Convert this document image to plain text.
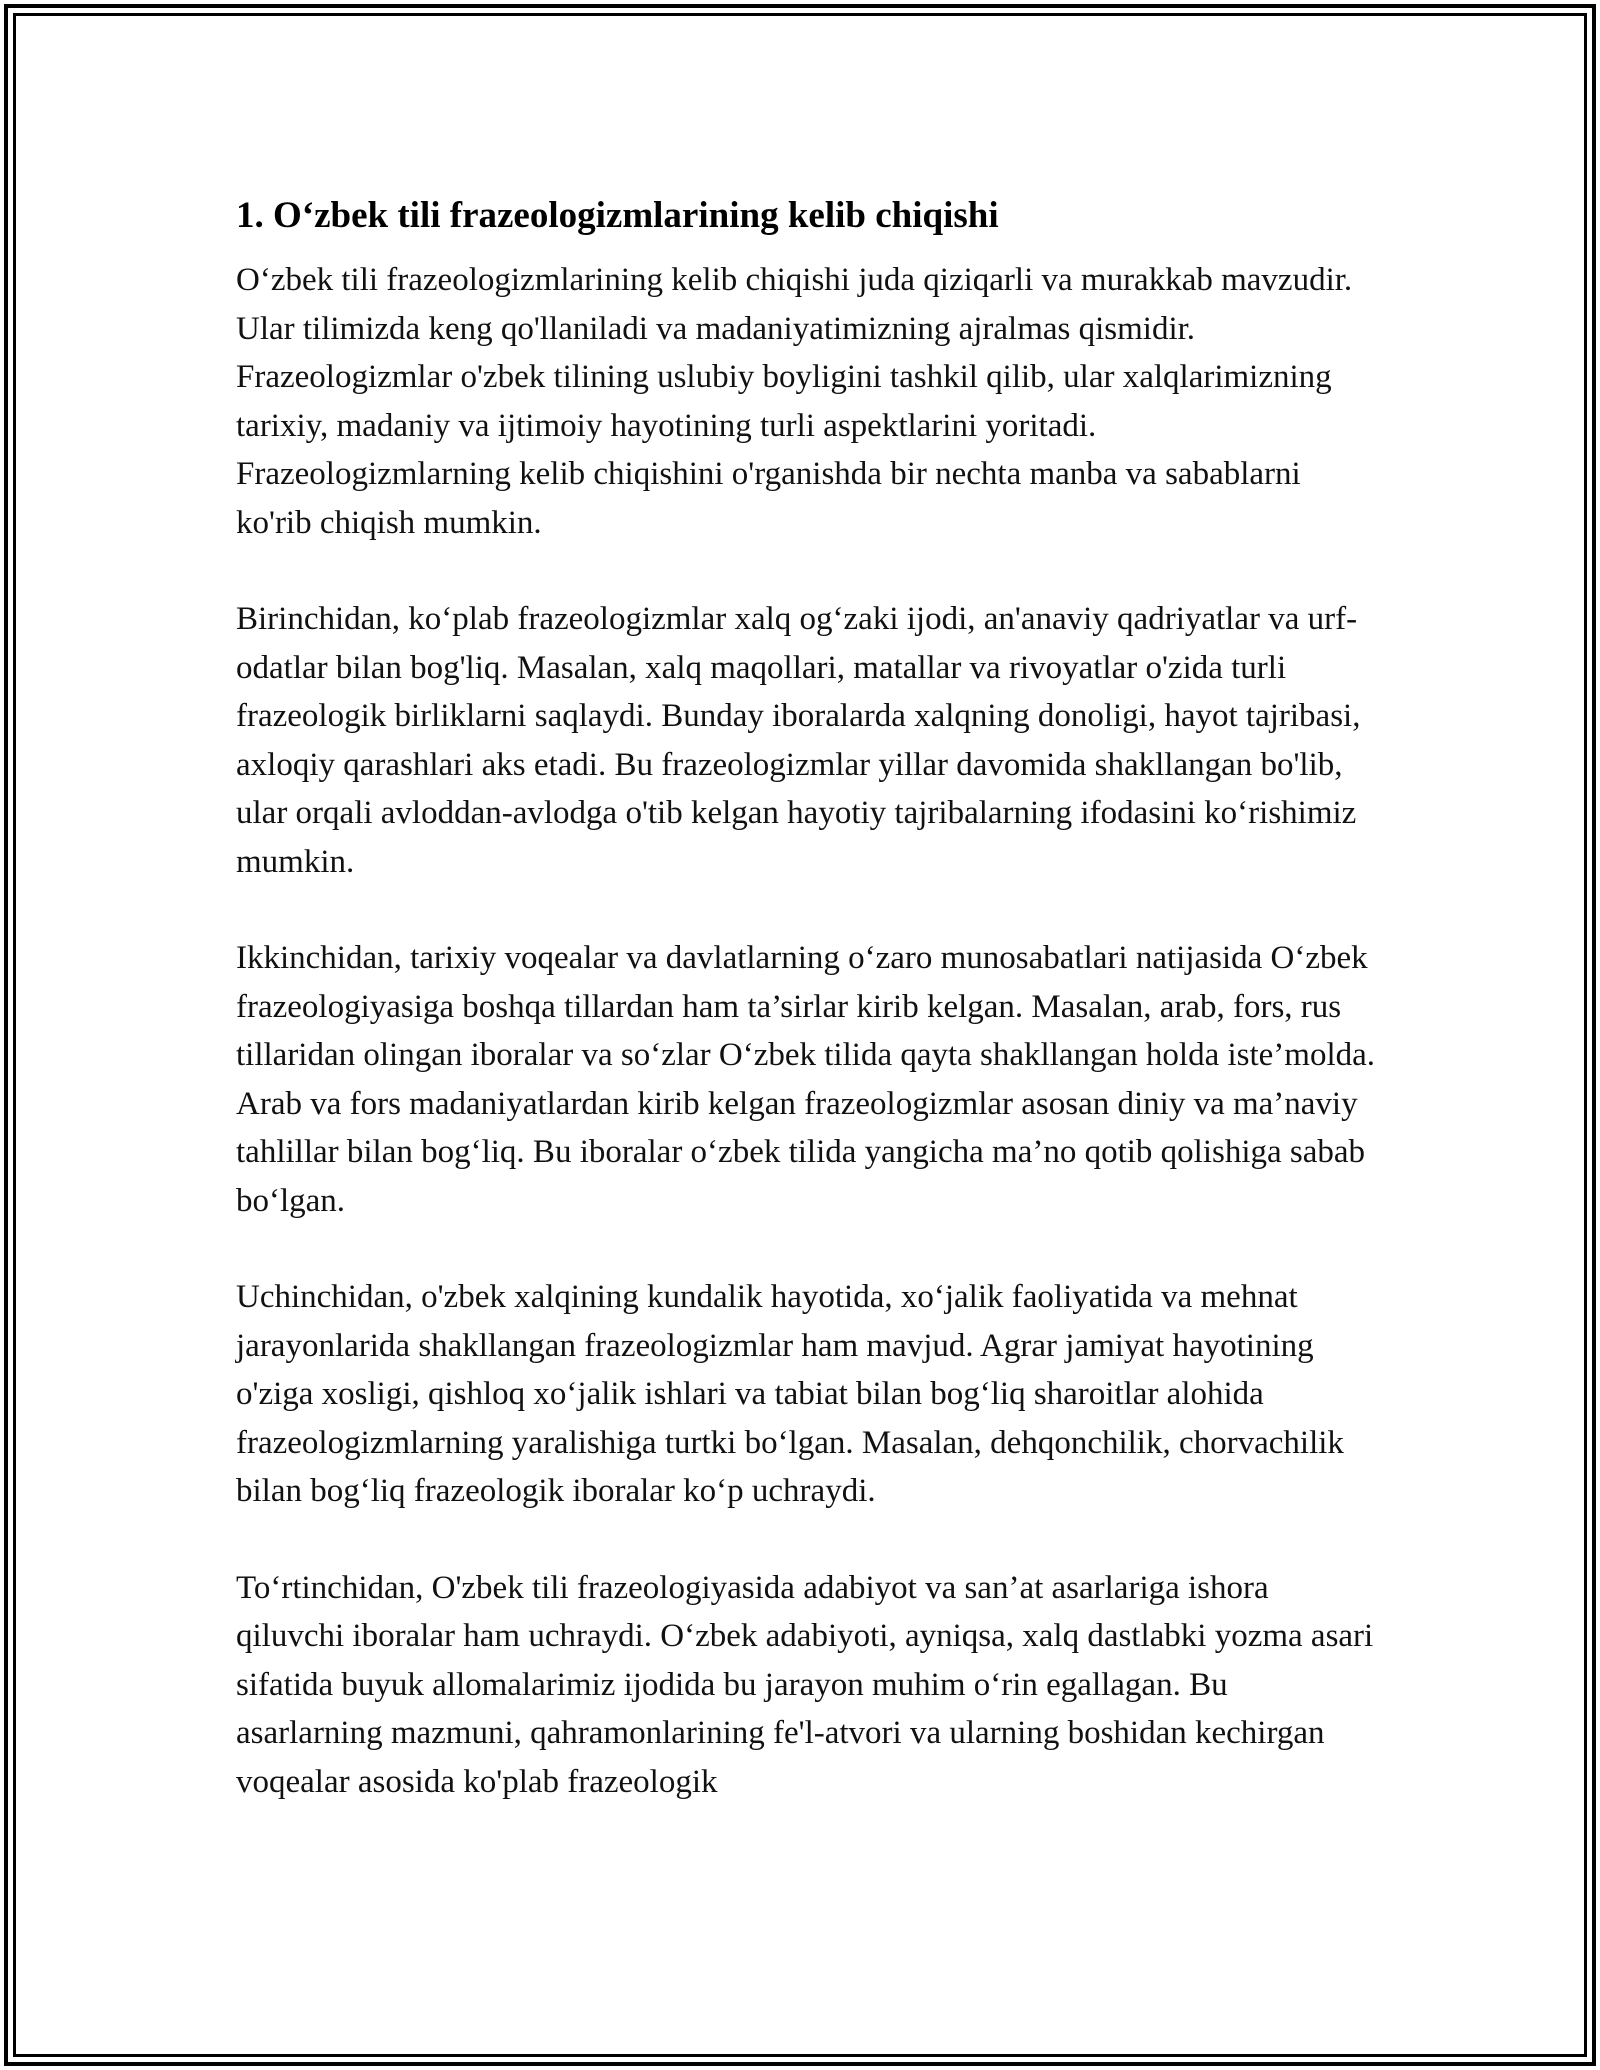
1. O‘zbek tili frazeologizmlarining kelib chiqishi

O‘zbek tili frazeologizmlarining kelib chiqishi juda qiziqarli va murakkab mavzudir. Ular tilimizda keng qo'llaniladi va madaniyatimizning ajralmas qismidir. Frazeologizmlar o'zbek tilining uslubiy boyligini tashkil qilib, ular xalqlarimizning tarixiy, madaniy va ijtimoiy hayotining turli aspektlarini yoritadi. Frazeologizmlarning kelib chiqishini o'rganishda bir nechta manba va sabablarni ko'rib chiqish mumkin.

Birinchidan, ko‘plab frazeologizmlar xalq og‘zaki ijodi, an'anaviy qadriyatlar va urf-odatlar bilan bog'liq. Masalan, xalq maqollari, matallar va rivoyatlar o'zida turli frazeologik birliklarni saqlaydi. Bunday iboralarda xalqning donoligi, hayot tajribasi, axloqiy qarashlari aks etadi. Bu frazeologizmlar yillar davomida shakllangan bo'lib, ular orqali avloddan-avlodga o'tib kelgan hayotiy tajribalarning ifodasini ko‘rishimiz mumkin.

Ikkinchidan, tarixiy voqealar va davlatlarning o‘zaro munosabatlari natijasida O‘zbek frazeologiyasiga boshqa tillardan ham ta’sirlar kirib kelgan. Masalan, arab, fors, rus tillaridan olingan iboralar va so‘zlar O‘zbek tilida qayta shakllangan holda iste’molda. Arab va fors madaniyatlardan kirib kelgan frazeologizmlar asosan diniy va ma’naviy tahlillar bilan bog‘liq. Bu iboralar o‘zbek tilida yangicha ma’no qotib qolishiga sabab bo‘lgan.

Uchinchidan, o'zbek xalqining kundalik hayotida, xo‘jalik faoliyatida va mehnat jarayonlarida shakllangan frazeologizmlar ham mavjud. Agrar jamiyat hayotining o'ziga xosligi, qishloq xo‘jalik ishlari va tabiat bilan bog‘liq sharoitlar alohida frazeologizmlarning yaralishiga turtki bo‘lgan. Masalan, dehqonchilik, chorvachilik bilan bog‘liq frazeologik iboralar ko‘p uchraydi.

To‘rtinchidan, O'zbek tili frazeologiyasida adabiyot va san’at asarlariga ishora qiluvchi iboralar ham uchraydi. O‘zbek adabiyoti, ayniqsa, xalq dastlabki yozma asari sifatida buyuk allomalarimiz ijodida bu jarayon muhim o‘rin egallagan. Bu asarlarning mazmuni, qahramonlarining fe'l-atvori va ularning boshidan kechirgan voqealar asosida ko'plab frazeologik
